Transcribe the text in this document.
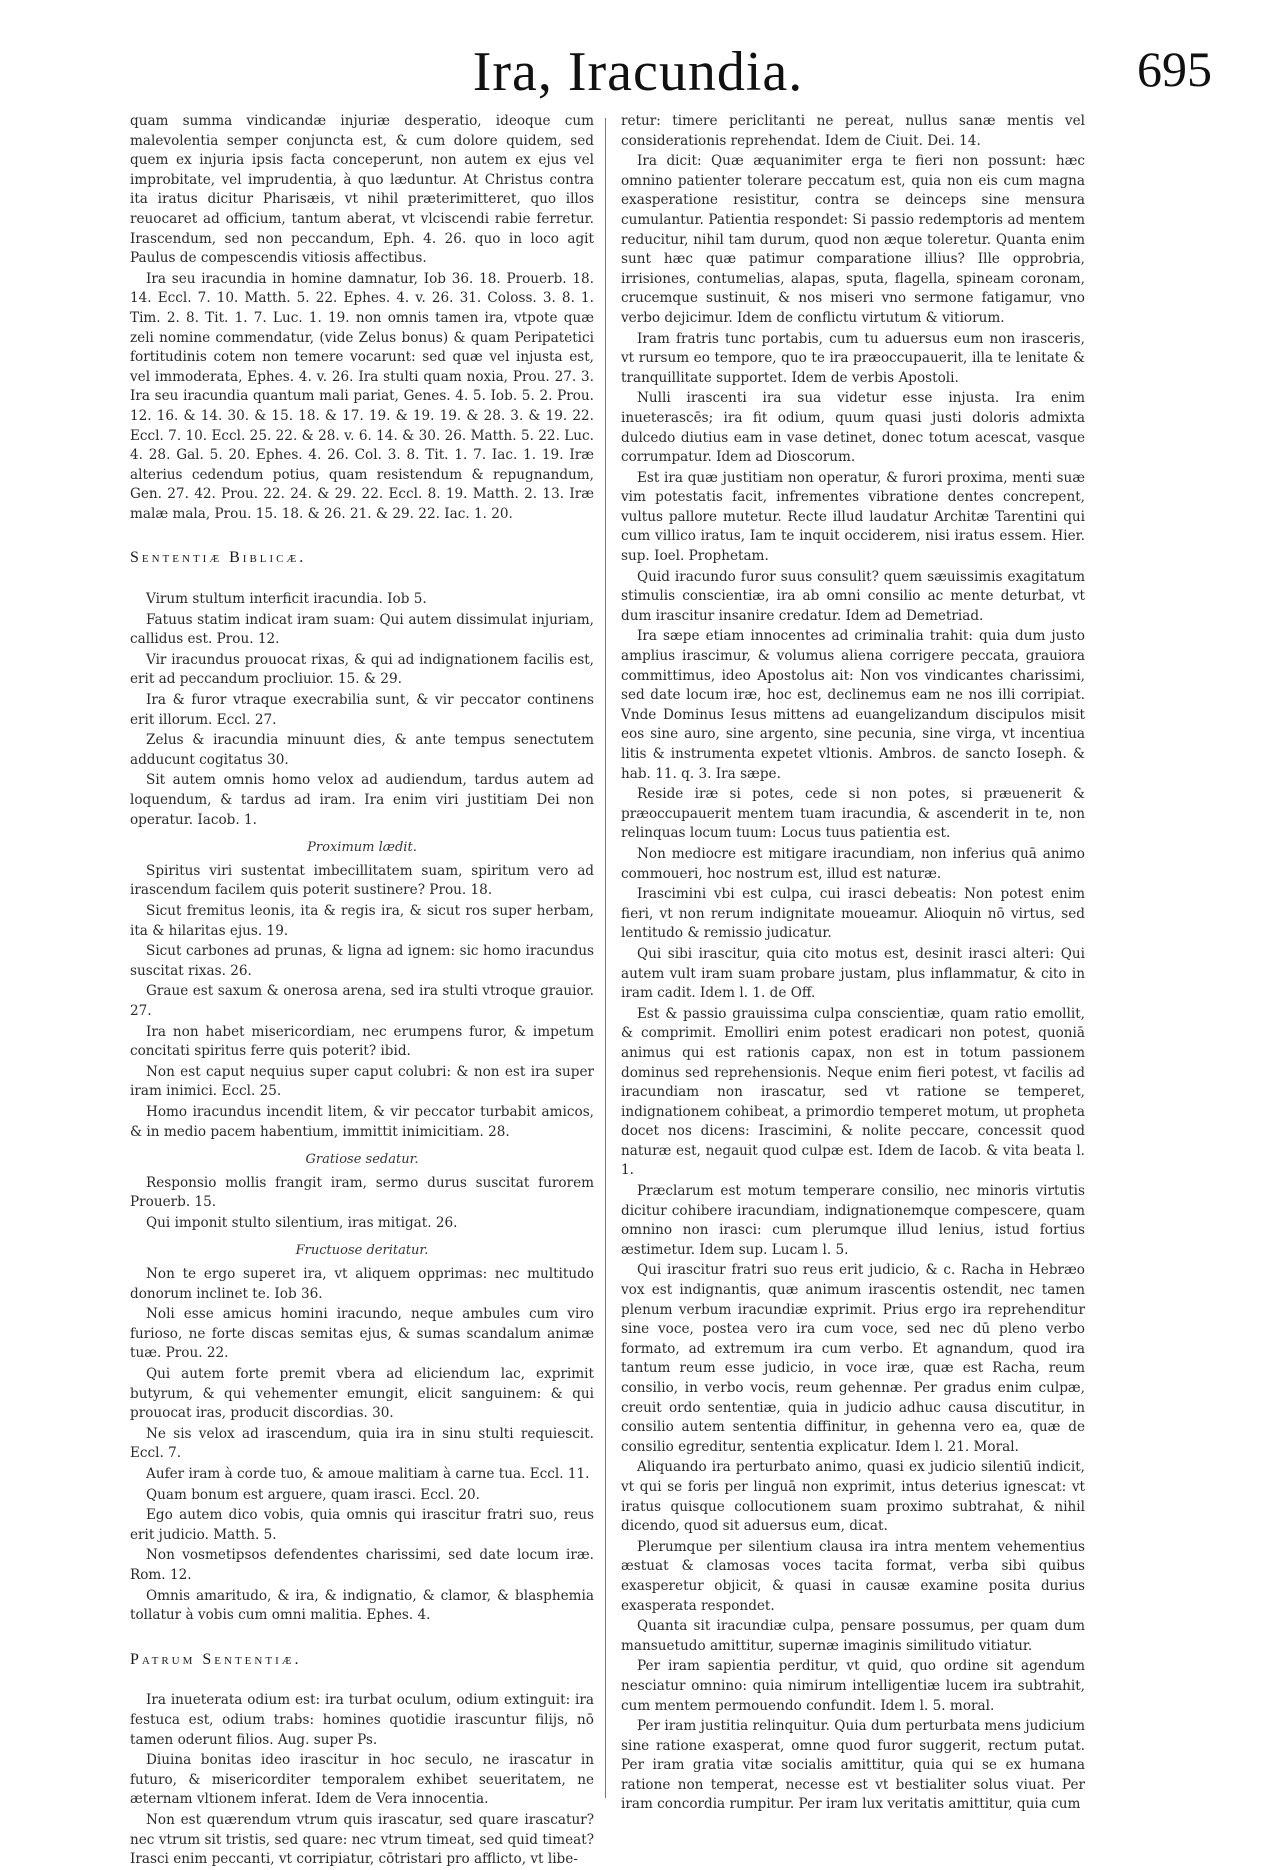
695
Ira, Iracundia.

quam summa vindicandæ injuriæ desperatio, ideoque cum malevolentia semper conjuncta est, & cum dolore quidem, sed quem ex injuria ipsis facta conceperunt, non autem ex ejus vel improbitate, vel imprudentia, à quo læduntur. At Christus contra ita iratus dicitur Pharisæis, vt nihil præterimitteret, quo illos reuocaret ad officium, tantum aberat, vt vlciscendi rabie ferretur. Irascendum, sed non peccandum, Eph. 4. 26. quo in loco agit Paulus de compescendis vitiosis affectibus.

Ira seu iracundia in homine damnatur, Iob 36. 18. Prouerb. 18. 14. Eccl. 7. 10. Matth. 5. 22. Ephes. 4. v. 26. 31. Coloss. 3. 8. 1. Tim. 2. 8. Tit. 1. 7. Luc. 1. 19. non omnis tamen ira, vtpote quæ zeli nomine commendatur, (vide Zelus bonus) & quam Peripatetici fortitudinis cotem non temere vocarunt: sed quæ vel injusta est, vel immoderata, Ephes. 4. v. 26. Ira stulti quam noxia, Prou. 27. 3. Ira seu iracundia quantum mali pariat, Genes. 4. 5. Iob. 5. 2. Prou. 12. 16. & 14. 30. & 15. 18. & 17. 19. & 19. 19. & 28. 3. & 19. 22. Eccl. 7. 10. Eccl. 25. 22. & 28. v. 6. 14. & 30. 26. Matth. 5. 22. Luc. 4. 28. Gal. 5. 20. Ephes. 4. 26. Col. 3. 8. Tit. 1. 7. Iac. 1. 19. Iræ alterius cedendum potius, quam resistendum & repugnandum, Gen. 27. 42. Prou. 22. 24. & 29. 22. Eccl. 8. 19. Matth. 2. 13. Iræ malæ mala, Prou. 15. 18. & 26. 21. & 29. 22. Iac. 1. 20.

Sententiæ Biblicæ.

Virum stultum interficit iracundia. Iob 5.

Fatuus statim indicat iram suam: Qui autem dissimulat injuriam, callidus est. Prou. 12.

Vir iracundus prouocat rixas, & qui ad indignationem facilis est, erit ad peccandum procliuior. 15. & 29.

Ira & furor vtraque execrabilia sunt, & vir peccator continens erit illorum. Eccl. 27.

Zelus & iracundia minuunt dies, & ante tempus senectutem adducunt cogitatus 30.

Sit autem omnis homo velox ad audiendum, tardus autem ad loquendum, & tardus ad iram. Ira enim viri justitiam Dei non operatur. Iacob. 1.

Proximum lædit.

Spiritus viri sustentat imbecillitatem suam, spiritum vero ad irascendum facilem quis poterit sustinere? Prou. 18.

Sicut fremitus leonis, ita & regis ira, & sicut ros super herbam, ita & hilaritas ejus. 19.

Sicut carbones ad prunas, & ligna ad ignem: sic homo iracundus suscitat rixas. 26.

Graue est saxum & onerosa arena, sed ira stulti vtroque grauior. 27.

Ira non habet misericordiam, nec erumpens furor, & impetum concitati spiritus ferre quis poterit? ibid.

Non est caput nequius super caput colubri: & non est ira super iram inimici. Eccl. 25.

Homo iracundus incendit litem, & vir peccator turbabit amicos, & in medio pacem habentium, immittit inimicitiam. 28.

Gratiose sedatur.

Responsio mollis frangit iram, sermo durus suscitat furorem Prouerb. 15.

Qui imponit stulto silentium, iras mitigat. 26.

Fructuose deritatur.

Non te ergo superet ira, vt aliquem opprimas: nec multitudo donorum inclinet te. Iob 36.

Noli esse amicus homini iracundo, neque ambules cum viro furioso, ne forte discas semitas ejus, & sumas scandalum animæ tuæ. Prou. 22.

Qui autem forte premit vbera ad eliciendum lac, exprimit butyrum, & qui vehementer emungit, elicit sanguinem: & qui prouocat iras, producit discordias. 30.

Ne sis velox ad irascendum, quia ira in sinu stulti requiescit. Eccl. 7.

Aufer iram à corde tuo, & amoue malitiam à carne tua. Eccl. 11.

Quam bonum est arguere, quam irasci. Eccl. 20.

Ego autem dico vobis, quia omnis qui irascitur fratri suo, reus erit judicio. Matth. 5.

Non vosmetipsos defendentes charissimi, sed date locum iræ. Rom. 12.

Omnis amaritudo, & ira, & indignatio, & clamor, & blasphemia tollatur à vobis cum omni malitia. Ephes. 4.

Patrum Sententiæ.

Ira inueterata odium est: ira turbat oculum, odium extinguit: ira festuca est, odium trabs: homines quotidie irascuntur filijs, nō tamen oderunt filios. Aug. super Ps.

Diuina bonitas ideo irascitur in hoc seculo, ne irascatur in futuro, & misericorditer temporalem exhibet seueritatem, ne æternam vltionem inferat. Idem de Vera innocentia.

Non est quærendum vtrum quis irascatur, sed quare irascatur? nec vtrum sit tristis, sed quare: nec vtrum timeat, sed quid timeat? Irasci enim peccanti, vt corripiatur, cōtristari pro afflicto, vt libe-

retur: timere periclitanti ne pereat, nullus sanæ mentis vel considerationis reprehendat. Idem de Ciuit. Dei. 14.

Ira dicit: Quæ æquanimiter erga te fieri non possunt: hæc omnino patienter tolerare peccatum est, quia non eis cum magna exasperatione resistitur, contra se deinceps sine mensura cumulantur. Patientia respondet: Si passio redemptoris ad mentem reducitur, nihil tam durum, quod non æque toleretur. Quanta enim sunt hæc quæ patimur comparatione illius? Ille opprobria, irrisiones, contumelias, alapas, sputa, flagella, spineam coronam, crucemque sustinuit, & nos miseri vno sermone fatigamur, vno verbo dejicimur. Idem de conflictu virtutum & vitiorum.

Iram fratris tunc portabis, cum tu aduersus eum non irasceris, vt rursum eo tempore, quo te ira præoccupauerit, illa te lenitate & tranquillitate supportet. Idem de verbis Apostoli.

Nulli irascenti ira sua videtur esse injusta. Ira enim inueterascēs; ira fit odium, quum quasi justi doloris admixta dulcedo diutius eam in vase detinet, donec totum acescat, vasque corrumpatur. Idem ad Dioscorum.

Est ira quæ justitiam non operatur, & furori proxima, menti suæ vim potestatis facit, infrementes vibratione dentes concrepent, vultus pallore mutetur. Recte illud laudatur Architæ Tarentini qui cum villico iratus, Iam te inquit occiderem, nisi iratus essem. Hier. sup. Ioel. Prophetam.

Quid iracundo furor suus consulit? quem sæuissimis exagitatum stimulis conscientiæ, ira ab omni consilio ac mente deturbat, vt dum irascitur insanire credatur. Idem ad Demetriad.

Ira sæpe etiam innocentes ad criminalia trahit: quia dum justo amplius irascimur, & volumus aliena corrigere peccata, grauiora committimus, ideo Apostolus ait: Non vos vindicantes charissimi, sed date locum iræ, hoc est, declinemus eam ne nos illi corripiat. Vnde Dominus Iesus mittens ad euangelizandum discipulos misit eos sine auro, sine argento, sine pecunia, sine virga, vt incentiua litis & instrumenta expetet vltionis. Ambros. de sancto Ioseph. & hab. 11. q. 3. Ira sæpe.

Reside iræ si potes, cede si non potes, si præuenerit & præoccupauerit mentem tuam iracundia, & ascenderit in te, non relinquas locum tuum: Locus tuus patientia est.

Non mediocre est mitigare iracundiam, non inferius quā animo commoueri, hoc nostrum est, illud est naturæ.

Irascimini vbi est culpa, cui irasci debeatis: Non potest enim fieri, vt non rerum indignitate moueamur. Alioquin nō virtus, sed lentitudo & remissio judicatur.

Qui sibi irascitur, quia cito motus est, desinit irasci alteri: Qui autem vult iram suam probare justam, plus inflammatur, & cito in iram cadit. Idem l. 1. de Off.

Est & passio grauissima culpa conscientiæ, quam ratio emollit, & comprimit. Emolliri enim potest eradicari non potest, quoniā animus qui est rationis capax, non est in totum passionem dominus sed reprehensionis. Neque enim fieri potest, vt facilis ad iracundiam non irascatur, sed vt ratione se temperet, indignationem cohibeat, a primordio temperet motum, ut propheta docet nos dicens: Irascimini, & nolite peccare, concessit quod naturæ est, negauit quod culpæ est. Idem de Iacob. & vita beata l. 1.

Præclarum est motum temperare consilio, nec minoris virtutis dicitur cohibere iracundiam, indignationemque compescere, quam omnino non irasci: cum plerumque illud lenius, istud fortius æstimetur. Idem sup. Lucam l. 5.

Qui irascitur fratri suo reus erit judicio, & c. Racha in Hebræo vox est indignantis, quæ animum irascentis ostendit, nec tamen plenum verbum iracundiæ exprimit. Prius ergo ira reprehenditur sine voce, postea vero ira cum voce, sed nec dū pleno verbo formato, ad extremum ira cum verbo. Et agnandum, quod ira tantum reum esse judicio, in voce iræ, quæ est Racha, reum consilio, in verbo vocis, reum gehennæ. Per gradus enim culpæ, creuit ordo sententiæ, quia in judicio adhuc causa discutitur, in consilio autem sententia diffinitur, in gehenna vero ea, quæ de consilio egreditur, sententia explicatur. Idem l. 21. Moral.

Aliquando ira perturbato animo, quasi ex judicio silentiū indicit, vt qui se foris per linguā non exprimit, intus deterius ignescat: vt iratus quisque collocutionem suam proximo subtrahat, & nihil dicendo, quod sit aduersus eum, dicat.

Plerumque per silentium clausa ira intra mentem vehementius æstuat & clamosas voces tacita format, verba sibi quibus exasperetur objicit, & quasi in causæ examine posita durius exasperata respondet.

Quanta sit iracundiæ culpa, pensare possumus, per quam dum mansuetudo amittitur, supernæ imaginis similitudo vitiatur.

Per iram sapientia perditur, vt quid, quo ordine sit agendum nesciatur omnino: quia nimirum intelligentiæ lucem ira subtrahit, cum mentem permouendo confundit. Idem l. 5. moral.

Per iram justitia relinquitur. Quia dum perturbata mens judicium sine ratione exasperat, omne quod furor suggerit, rectum putat. Per iram gratia vitæ socialis amittitur, quia qui se ex humana ratione non temperat, necesse est vt bestialiter solus viuat. Per iram concordia rumpitur. Per iram lux veritatis amittitur, quia cum
